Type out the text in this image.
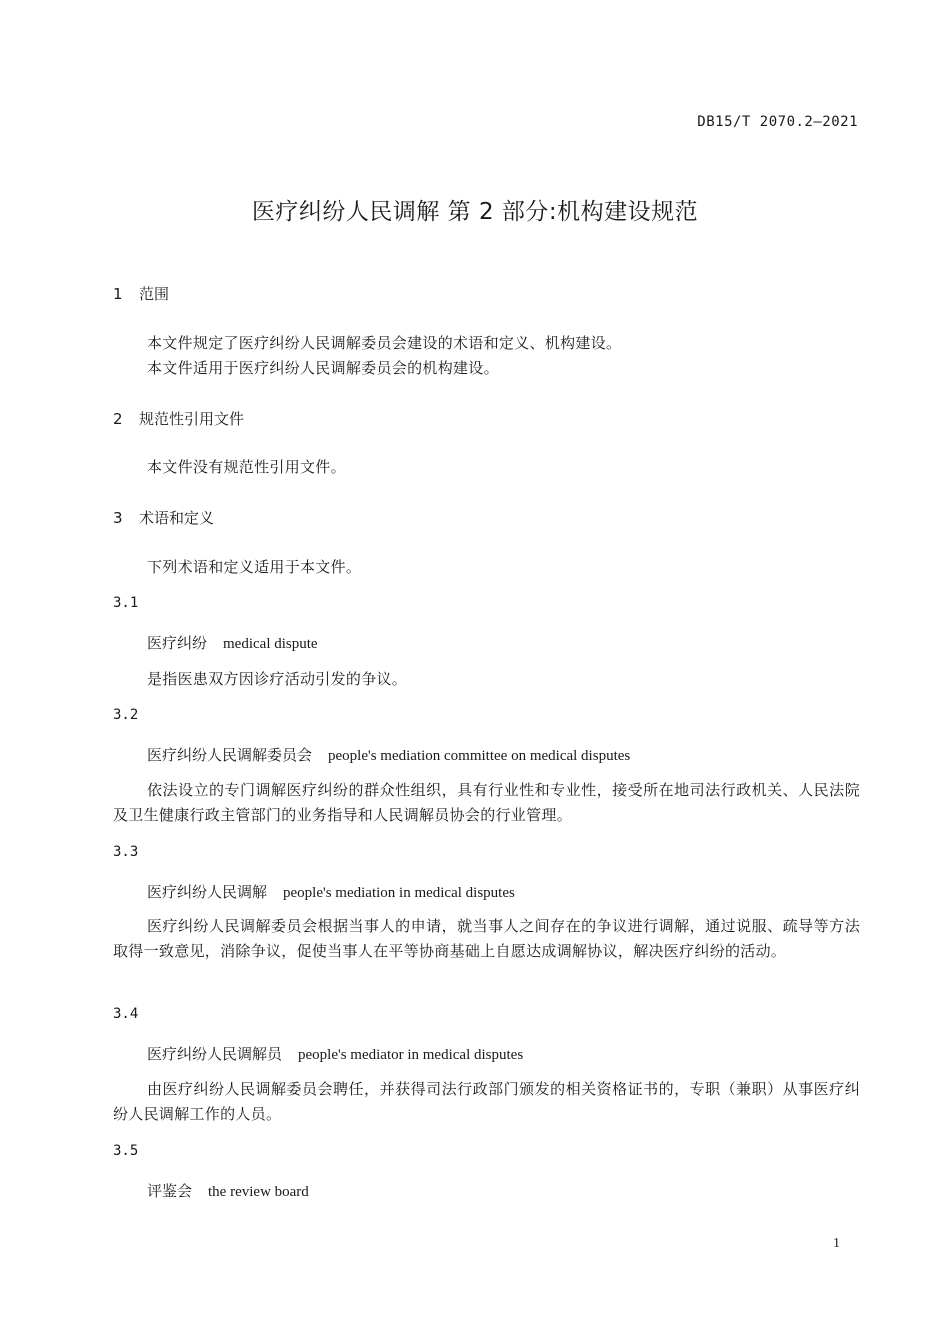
DB15/T 2070.2—2021
医疗纠纷人民调解 第 2 部分:机构建设规范
1 范围
本文件规定了医疗纠纷人民调解委员会建设的术语和定义、机构建设。
本文件适用于医疗纠纷人民调解委员会的机构建设。
2 规范性引用文件
本文件没有规范性引用文件。
3 术语和定义
下列术语和定义适用于本文件。
3.1
医疗纠纷 medical dispute
是指医患双方因诊疗活动引发的争议。
3.2
医疗纠纷人民调解委员会 people's mediation committee on medical disputes
依法设立的专门调解医疗纠纷的群众性组织，具有行业性和专业性，接受所在地司法行政机关、人民法院及卫生健康行政主管部门的业务指导和人民调解员协会的行业管理。
3.3
医疗纠纷人民调解 people's mediation in medical disputes
医疗纠纷人民调解委员会根据当事人的申请，就当事人之间存在的争议进行调解，通过说服、疏导等方法取得一致意见，消除争议，促使当事人在平等协商基础上自愿达成调解协议，解决医疗纠纷的活动。
3.4
医疗纠纷人民调解员 people's mediator in medical disputes
由医疗纠纷人民调解委员会聘任，并获得司法行政部门颁发的相关资格证书的，专职（兼职）从事医疗纠纷人民调解工作的人员。
3.5
评鉴会 the review board
1
